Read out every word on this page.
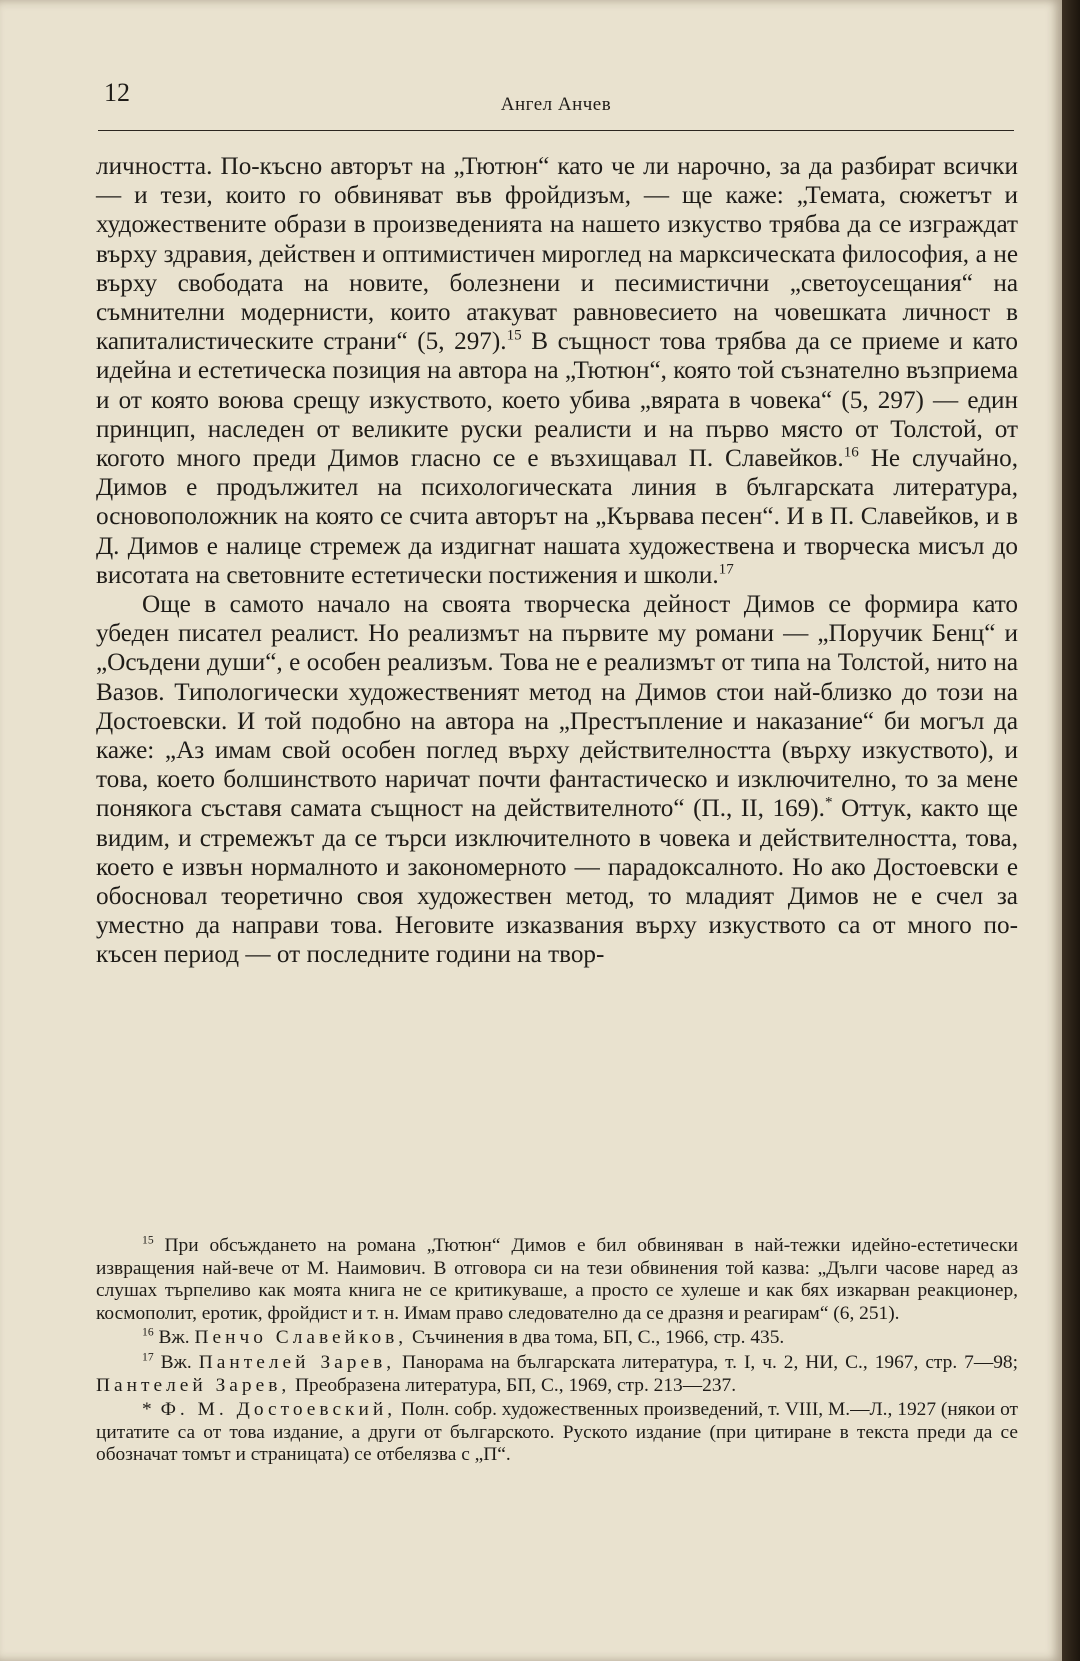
12	Ангел Анчев

личността. По-късно авторът на „Тютюн“ като че ли нарочно, за да разбират всички — и тези, които го обвиняват във фройдизъм, — ще каже: „Темата, сюжетът и художествените образи в произведенията на нашето изкуство трябва да се изграждат върху здравия, действен и оптимистичен мироглед на марксическата философия, а не върху свободата на новите, болезнени и песимистични „светоусещания“ на съмнителни модернисти, които атакуват равновесието на човешката личност в капиталистическите страни“ (5, 297).$^{15}$ В същност това трябва да се приеме и като идейна и естетическа позиция на автора на „Тютюн“, която той съзнателно възприема и от която воюва срещу изкуството, което убива „вярата в човека“ (5, 297) — един принцип, наследен от великите руски реалисти и на първо място от Толстой, от когото много преди Димов гласно се е възхищавал П. Славейков.$^{16}$ Не случайно, Димов е продължител на психологическата линия в българската литература, основоположник на която се счита авторът на „Кървава песен“. И в П. Славейков, и в Д. Димов е налице стремеж да издигнат нашата художествена и творческа мисъл до висотата на световните естетически постижения и школи.$^{17}$

Още в самото начало на своята творческа дейност Димов се формира като убеден писател реалист. Но реализмът на първите му романи — „Поручик Бенц“ и „Осъдени души“, е особен реализъм. Това не е реализмът от типа на Толстой, нито на Вазов. Типологически художественият метод на Димов стои най-близко до този на Достоевски. И той подобно на автора на „Престъпление и наказание“ би могъл да каже: „Аз имам свой особен поглед върху действителността (върху изкуството), и това, което болшинството наричат почти фантастическо и изключително, то за мене понякога съставя самата същност на действителното“ (П., II, 169).* Оттук, както ще видим, и стремежът да се търси изключителното в човека и действителността, това, което е извън нормалното и закономерното — парадоксалното. Но ако Достоевски е обосновал теоретично своя художествен метод, то младият Димов не е счел за уместно да направи това. Неговите изказвания върху изкуството са от много по-късен период — от последните години на твор-

$^{15}$ При обсъждането на романа „Тютюн“ Димов е бил обвиняван в най-тежки идейно-естетически извращения най-вече от М. Наимович. В отговора си на тези обвинения той казва: „Дълги часове наред аз слушах търпеливо как моята книга не се критикуваше, а просто се хулеше и как бях изкарван реакционер, космополит, еротик, фройдист и т. н. Имам право следователно да се дразня и реагирам“ (6, 251).

$^{16}$ Вж. Пенчо Славейков, Съчинения в два тома, БП, С., 1966, стр. 435.

$^{17}$ Вж. Пантелей Зарев, Панорама на българската литература, т. I, ч. 2, НИ, С., 1967, стр. 7—98; Пантелей Зарев, Преобразена литература, БП, С., 1969, стр. 213—237.

* Ф. М. Достоевский, Полн. собр. художественных произведений, т. VIII, М.—Л., 1927 (някои от цитатите са от това издание, а други от българското. Руското издание (при цитиране в текста преди да се обозначат томът и страницата) се отбелязва с „П“.
